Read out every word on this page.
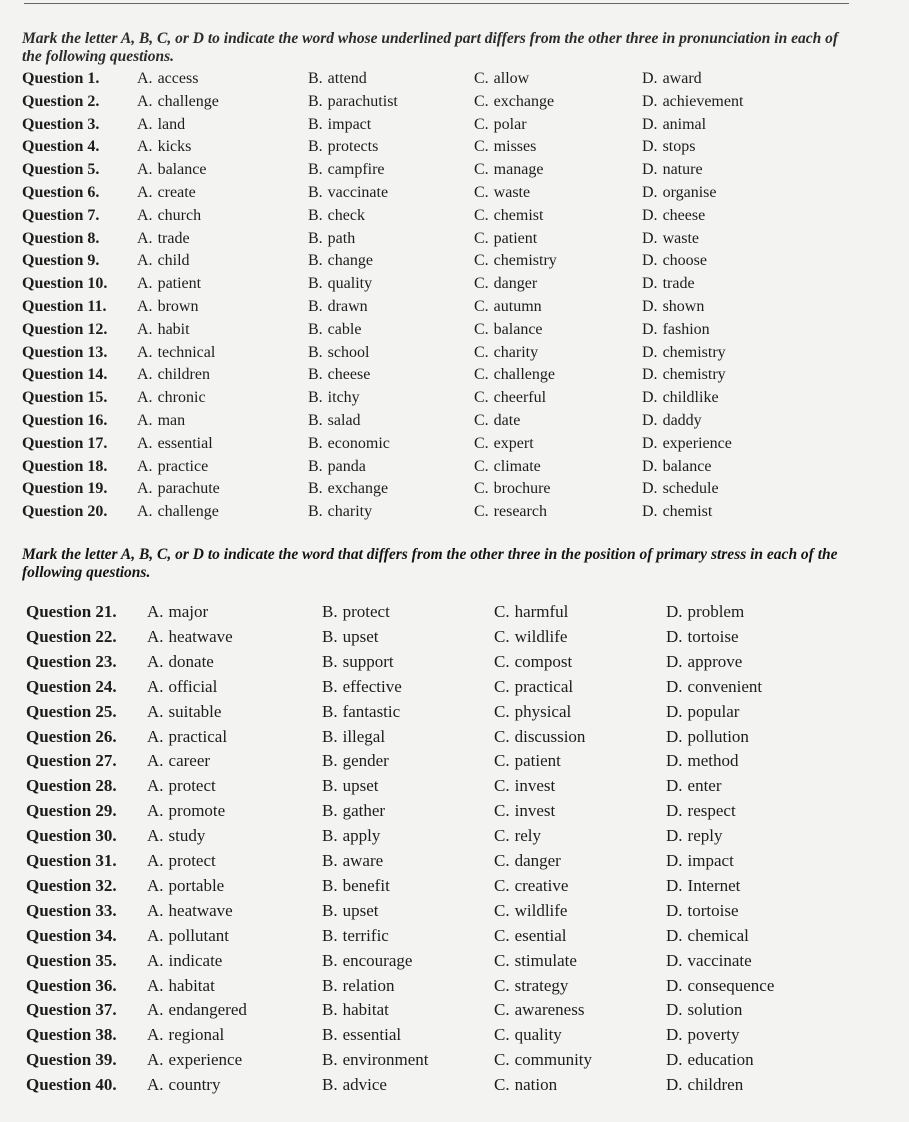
Mark the letter A, B, C, or D to indicate the word whose underlined part differs from the other three in pronunciation in each of the following questions.
Question 1. A. access	B. attend	C. allow	D. award
Question 2. A. challenge	B. parachutist	C. exchange	D. achievement
Question 3. A. land	B. impact	C. polar	D. animal
Question 4. A. kicks	B. protects	C. misses	D. stops
Question 5. A. balance	B. campfire	C. manage	D. nature
Question 6. A. create	B. vaccinate	C. waste	D. organise
Question 7. A. church	B. check	C. chemist	D. cheese
Question 8. A. trade	B. path	C. patient	D. waste
Question 9. A. child	B. change	C. chemistry	D. choose
Question 10. A. patient	B. quality	C. danger	D. trade
Question 11. A. brown	B. drawn	C. autumn	D. shown
Question 12. A. habit	B. cable	C. balance	D. fashion
Question 13. A. technical	B. school	C. charity	D. chemistry
Question 14. A. children	B. cheese	C. challenge	D. chemistry
Question 15. A. chronic	B. itchy	C. cheerful	D. childlike
Question 16. A. man	B. salad	C. date	D. daddy
Question 17. A. essential	B. economic	C. expert	D. experience
Question 18. A. practice	B. panda	C. climate	D. balance
Question 19. A. parachute	B. exchange	C. brochure	D. schedule
Question 20. A. challenge	B. charity	C. research	D. chemist
Mark the letter A, B, C, or D to indicate the word that differs from the other three in the position of primary stress in each of the following questions.
Question 21. A. major	B. protect	C. harmful	D. problem
Question 22. A. heatwave	B. upset	C. wildlife	D. tortoise
Question 23. A. donate	B. support	C. compost	D. approve
Question 24. A. official	B. effective	C. practical	D. convenient
Question 25. A. suitable	B. fantastic	C. physical	D. popular
Question 26. A. practical	B. illegal	C. discussion	D. pollution
Question 27. A. career	B. gender	C. patient	D. method
Question 28. A. protect	B. upset	C. invest	D. enter
Question 29. A. promote	B. gather	C. invest	D. respect
Question 30. A. study	B. apply	C. rely	D. reply
Question 31. A. protect	B. aware	C. danger	D. impact
Question 32. A. portable	B. benefit	C. creative	D. Internet
Question 33. A. heatwave	B. upset	C. wildlife	D. tortoise
Question 34. A. pollutant	B. terrific	C. esential	D. chemical
Question 35. A. indicate	B. encourage	C. stimulate	D. vaccinate
Question 36. A. habitat	B. relation	C. strategy	D. consequence
Question 37. A. endangered	B. habitat	C. awareness	D. solution
Question 38. A. regional	B. essential	C. quality	D. poverty
Question 39. A. experience	B. environment	C. community	D. education
Question 40. A. country	B. advice	C. nation	D. children
